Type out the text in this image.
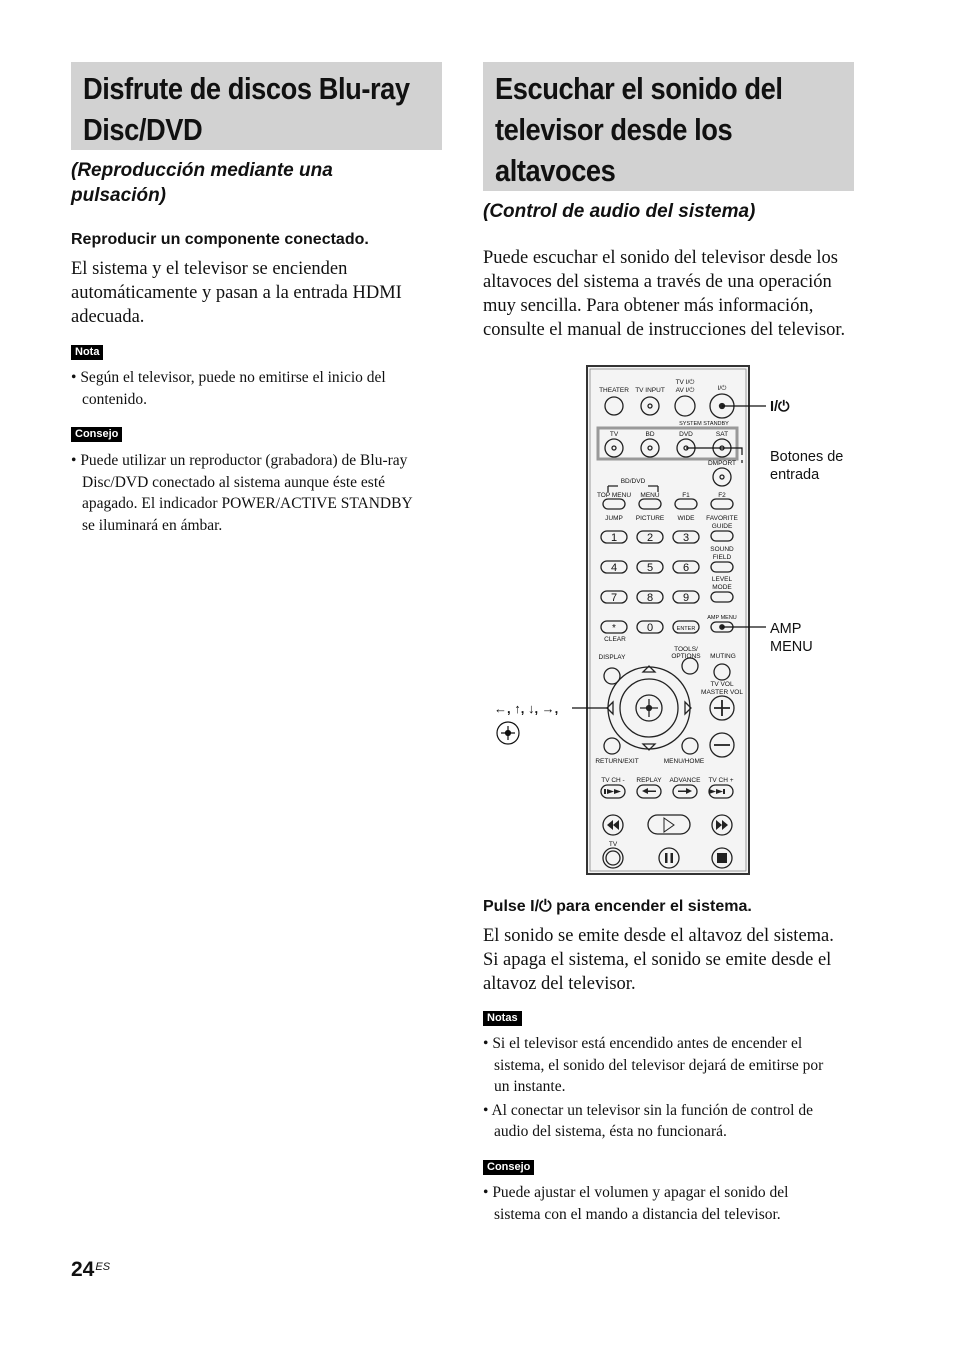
Disfrute de discos Blu-ray
Disc/DVD

(Reproducción mediante una
pulsación)

Reproducir un componente conectado.

El sistema y el televisor se encienden
automáticamente y pasan a la entrada HDMI
adecuada.

Nota
• Según el televisor, puede no emitirse el inicio del
contenido.
Consejo
• Puede utilizar un reproductor (grabadora) de Blu-ray
Disc/DVD conectado al sistema aunque éste esté
apagado. El indicador POWER/ACTIVE STANDBY
se iluminará en ámbar.
Escuchar el sonido del
televisor desde los
altavoces

(Control de audio del sistema)

Puede escuchar el sonido del televisor desde los
altavoces del sistema a través de una operación
muy sencilla. Para obtener más información,
consulte el manual de instrucciones del televisor.

THEATER TV INPUT
TV I/⏻
AV I/⏻	I/⏻
SYSTEM STANDBY
TV	BD	DVD	SAT
DMPORT
BD/DVD
TOP MENU MENU	F1	F2
JUMP PICTURE WIDE FAVORITE
GUIDE
SOUND
FIELD
LEVEL
MODE
AMP MENU
1	2	3
4	5	6
7	8	9
*	0	ENTER
CLEAR
DISPLAY
TOOLS/
OPTIONS MUTING
TV VOL
MASTER VOL
RETURN/EXIT	MENU/HOME
TV CH - REPLAY ADVANCE TV CH +
TV
I/⏻
Botones de
entrada
AMP
MENU
←, ↑, ↓, →,

Pulse I/⏻ para encender el sistema.

El sonido se emite desde el altavoz del sistema.
Si apaga el sistema, el sonido se emite desde el
altavoz del televisor.

Notas
• Si el televisor está encendido antes de encender el
sistema, el sonido del televisor dejará de emitirse por
un instante.
• Al conectar un televisor sin la función de control de
audio del sistema, ésta no funcionará.
Consejo
• Puede ajustar el volumen y apagar el sonido del
sistema con el mando a distancia del televisor.
$24^{ES}$
